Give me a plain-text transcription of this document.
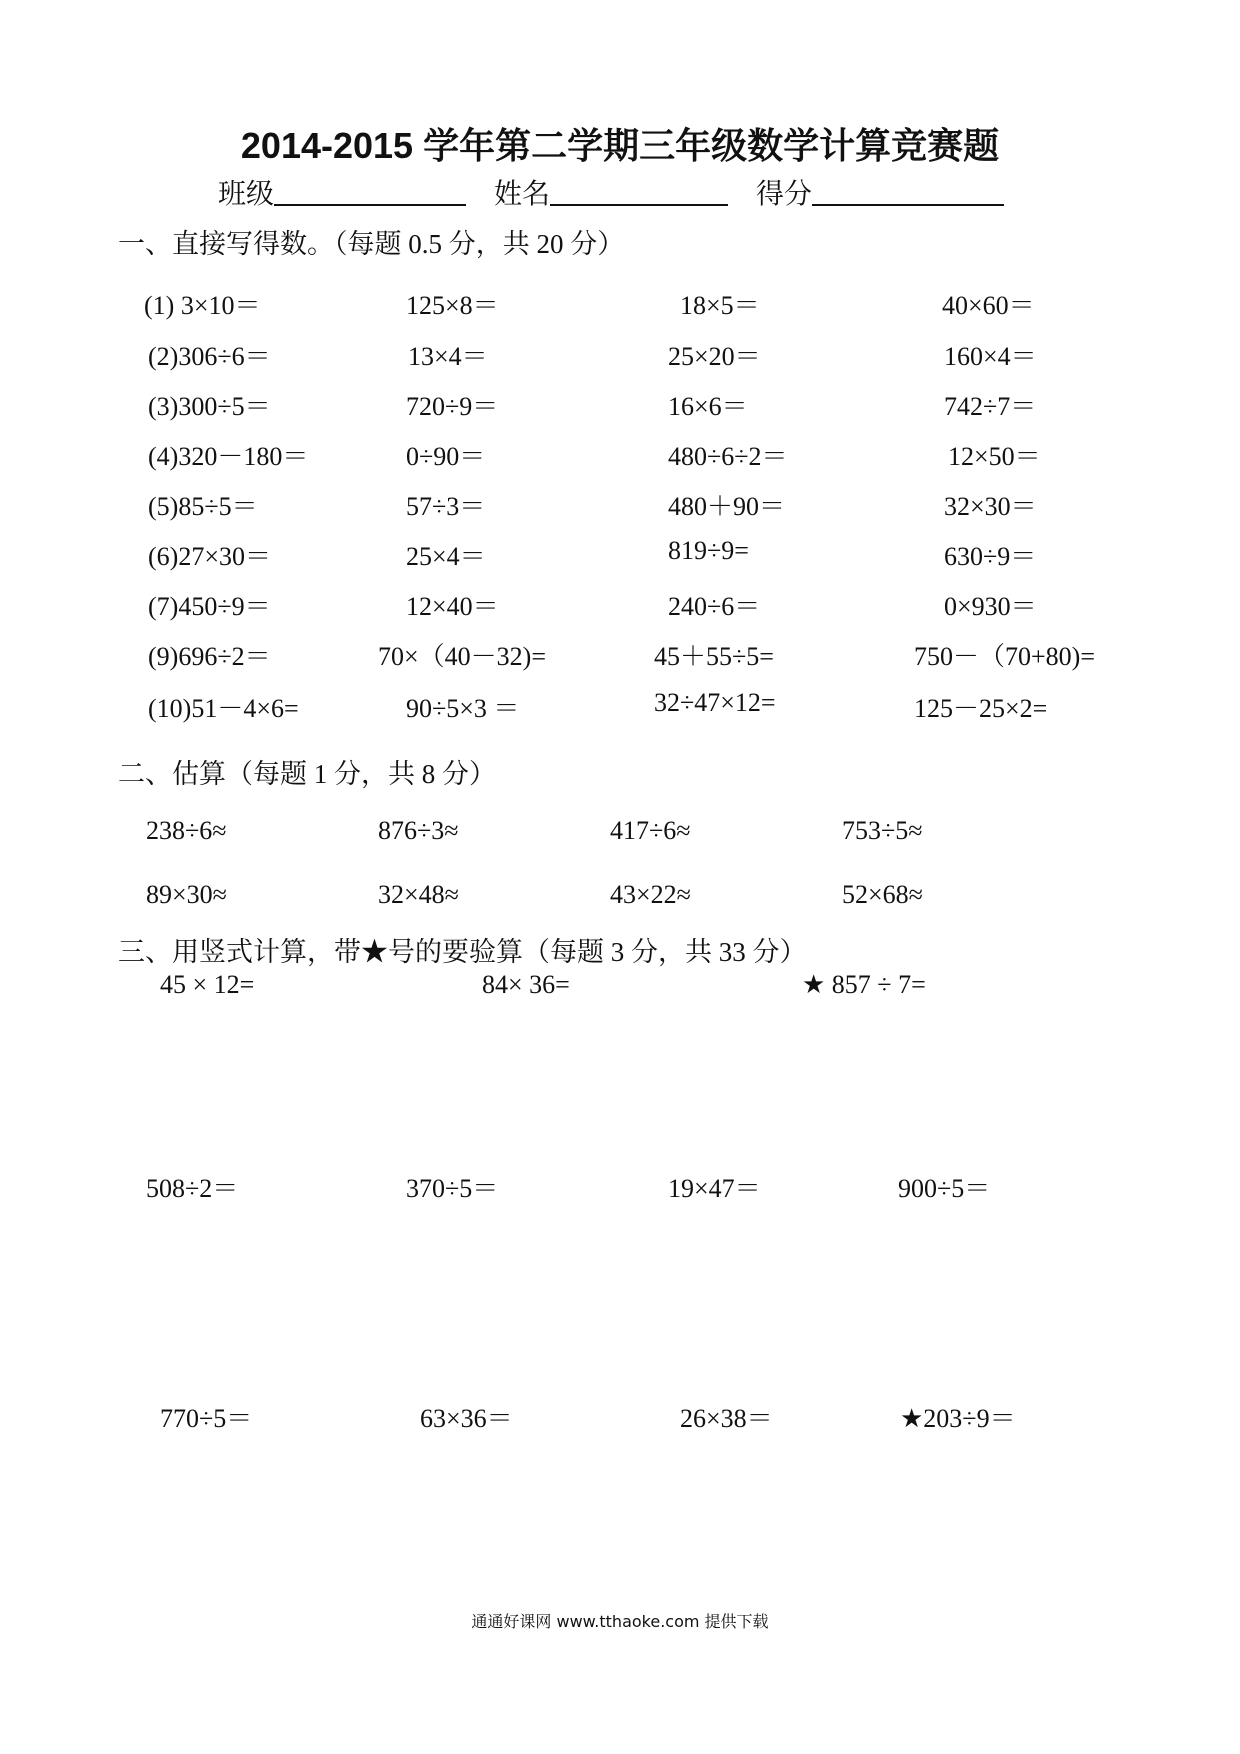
2014-2015 学年第二学期三年级数学计算竞赛题
班级	姓名	得分
一、直接写得数。（每题 0.5 分，共 20 分）
(1) 3×10＝	125×8＝	18×5＝	40×60＝
(2)306÷6＝	13×4＝	25×20＝	160×4＝
(3)300÷5＝	720÷9＝	16×6＝	742÷7＝
(4)320－180＝	0÷90＝	480÷6÷2＝	12×50＝
(5)85÷5＝	57÷3＝	480＋90＝	32×30＝
(6)27×30＝	25×4＝	819÷9=	630÷9＝
(7)450÷9＝	12×40＝	240÷6＝	0×930＝
(9)696÷2＝	70×（40－32)=	45＋55÷5=	750－（70+80)=
(10)51－4×6=	90÷5×3 ＝	32÷47×12=	125－25×2=
二、估算（每题 1 分，共 8 分）
238÷6≈	876÷3≈	417÷6≈	753÷5≈
89×30≈	32×48≈	43×22≈	52×68≈
三、用竖式计算，带★号的要验算（每题 3 分，共 33 分）
45 × 12=	84× 36=	★ 857 ÷ 7=
508÷2＝	370÷5＝	19×47＝	900÷5＝
770÷5＝	63×36＝	26×38＝	★203÷9＝
通通好课网 www.tthaoke.com 提供下载
